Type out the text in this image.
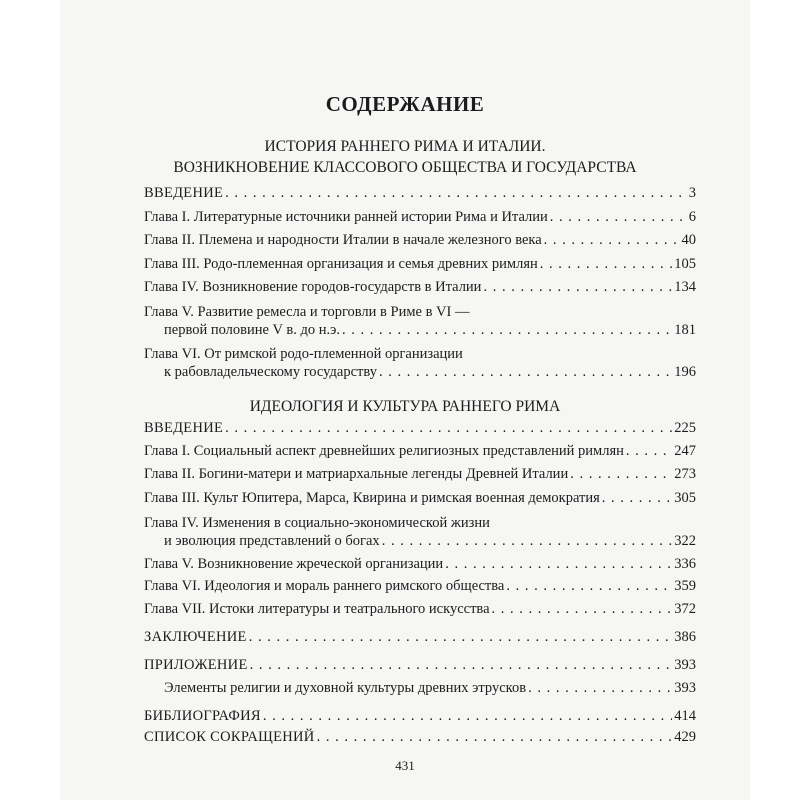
СОДЕРЖАНИЕ
ИСТОРИЯ РАННЕГО РИМА И ИТАЛИИ.
ВОЗНИКНОВЕНИЕ КЛАССОВОГО ОБЩЕСТВА И ГОСУДАРСТВА
ВВЕДЕНИЕ . . .	3
Глава I. Литературные источники ранней истории Рима и Италии . . .	6
Глава II. Племена и народности Италии в начале железного века . . .	40
Глава III. Родо-племенная организация и семья древних римлян . . .	105
Глава IV. Возникновение городов-государств в Италии . . .	134
Глава V. Развитие ремесла и торговли в Риме в VI —
первой половине V в. до н.э. . . .	181
Глава VI. От римской родо-племенной организации
к рабовладельческому государству . . .	196
ИДЕОЛОГИЯ И КУЛЬТУРА РАННЕГО РИМА
ВВЕДЕНИЕ . . .	225
Глава I. Социальный аспект древнейших религиозных представлений римлян . . .	247
Глава II. Богини-матери и матриархальные легенды Древней Италии . . .	273
Глава III. Культ Юпитера, Марса, Квирина и римская военная демократия . . .	305
Глава IV. Изменения в социально-экономической жизни
и эволюция представлений о богах . . .	322
Глава V. Возникновение жреческой организации . . .	336
Глава VI. Идеология и мораль раннего римского общества . . .	359
Глава VII. Истоки литературы и театрального искусства . . .	372
ЗАКЛЮЧЕНИЕ . . .	386
ПРИЛОЖЕНИЕ . . .	393
Элементы религии и духовной культуры древних этрусков . . .	393
БИБЛИОГРАФИЯ . . .	414
СПИСОК СОКРАЩЕНИЙ . . .	429
431
